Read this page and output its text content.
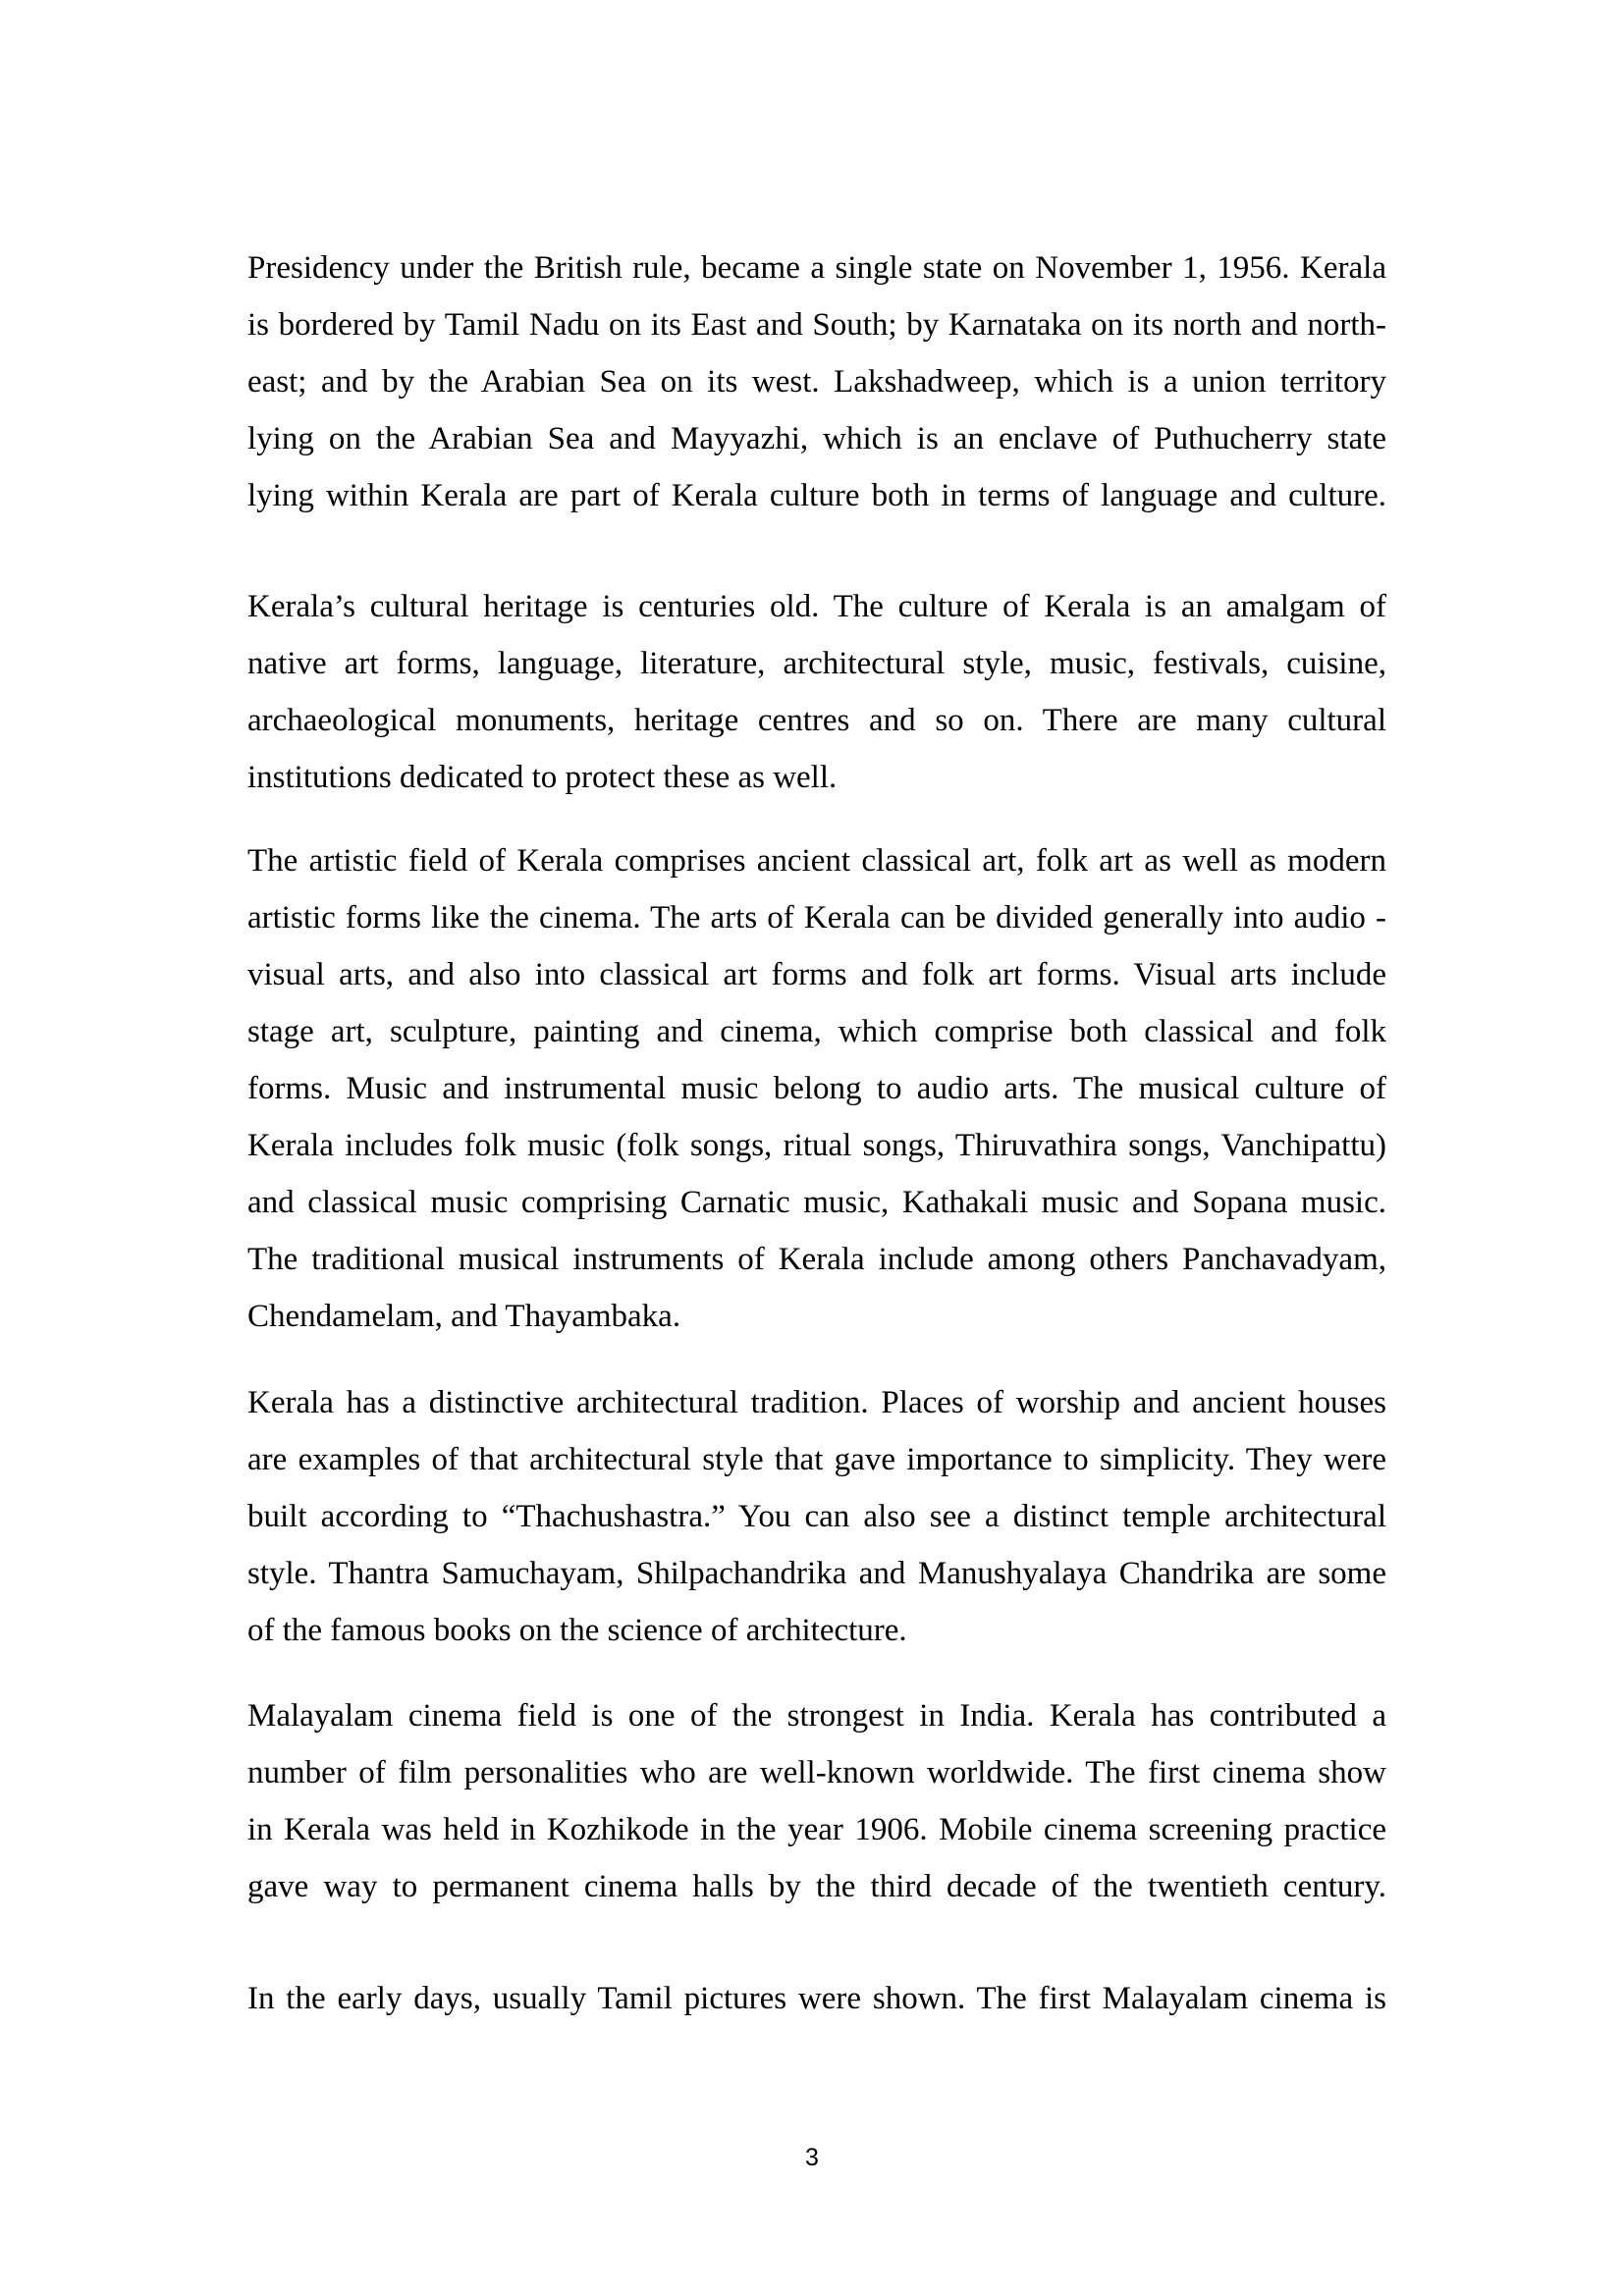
Presidency under the British rule, became a single state on November 1, 1956. Kerala
is bordered by Tamil Nadu on its East and South; by Karnataka on its north and north-
east; and by the Arabian Sea on its west. Lakshadweep, which is a union territory
lying on the Arabian Sea and Mayyazhi, which is an enclave of Puthucherry state
lying within Kerala are part of Kerala culture both in terms of language and culture.
Kerala’s cultural heritage is centuries old. The culture of Kerala is an amalgam of
native art forms, language, literature, architectural style, music, festivals, cuisine,
archaeological monuments, heritage centres and so on. There are many cultural
institutions dedicated to protect these as well.
The artistic field of Kerala comprises ancient classical art, folk art as well as modern
artistic forms like the cinema. The arts of Kerala can be divided generally into audio -
visual arts, and also into classical art forms and folk art forms. Visual arts include
stage art, sculpture, painting and cinema, which comprise both classical and folk
forms. Music and instrumental music belong to audio arts. The musical culture of
Kerala includes folk music (folk songs, ritual songs, Thiruvathira songs, Vanchipattu)
and classical music comprising Carnatic music, Kathakali music and Sopana music.
The traditional musical instruments of Kerala include among others Panchavadyam,
Chendamelam, and Thayambaka.
Kerala has a distinctive architectural tradition. Places of worship and ancient houses
are examples of that architectural style that gave importance to simplicity. They were
built according to “Thachushastra.” You can also see a distinct temple architectural
style. Thantra Samuchayam, Shilpachandrika and Manushyalaya Chandrika are some
of the famous books on the science of architecture.
Malayalam cinema field is one of the strongest in India. Kerala has contributed a
number of film personalities who are well-known worldwide. The first cinema show
in Kerala was held in Kozhikode in the year 1906. Mobile cinema screening practice
gave way to permanent cinema halls by the third decade of the twentieth century.
In the early days, usually Tamil pictures were shown. The first Malayalam cinema is
3
